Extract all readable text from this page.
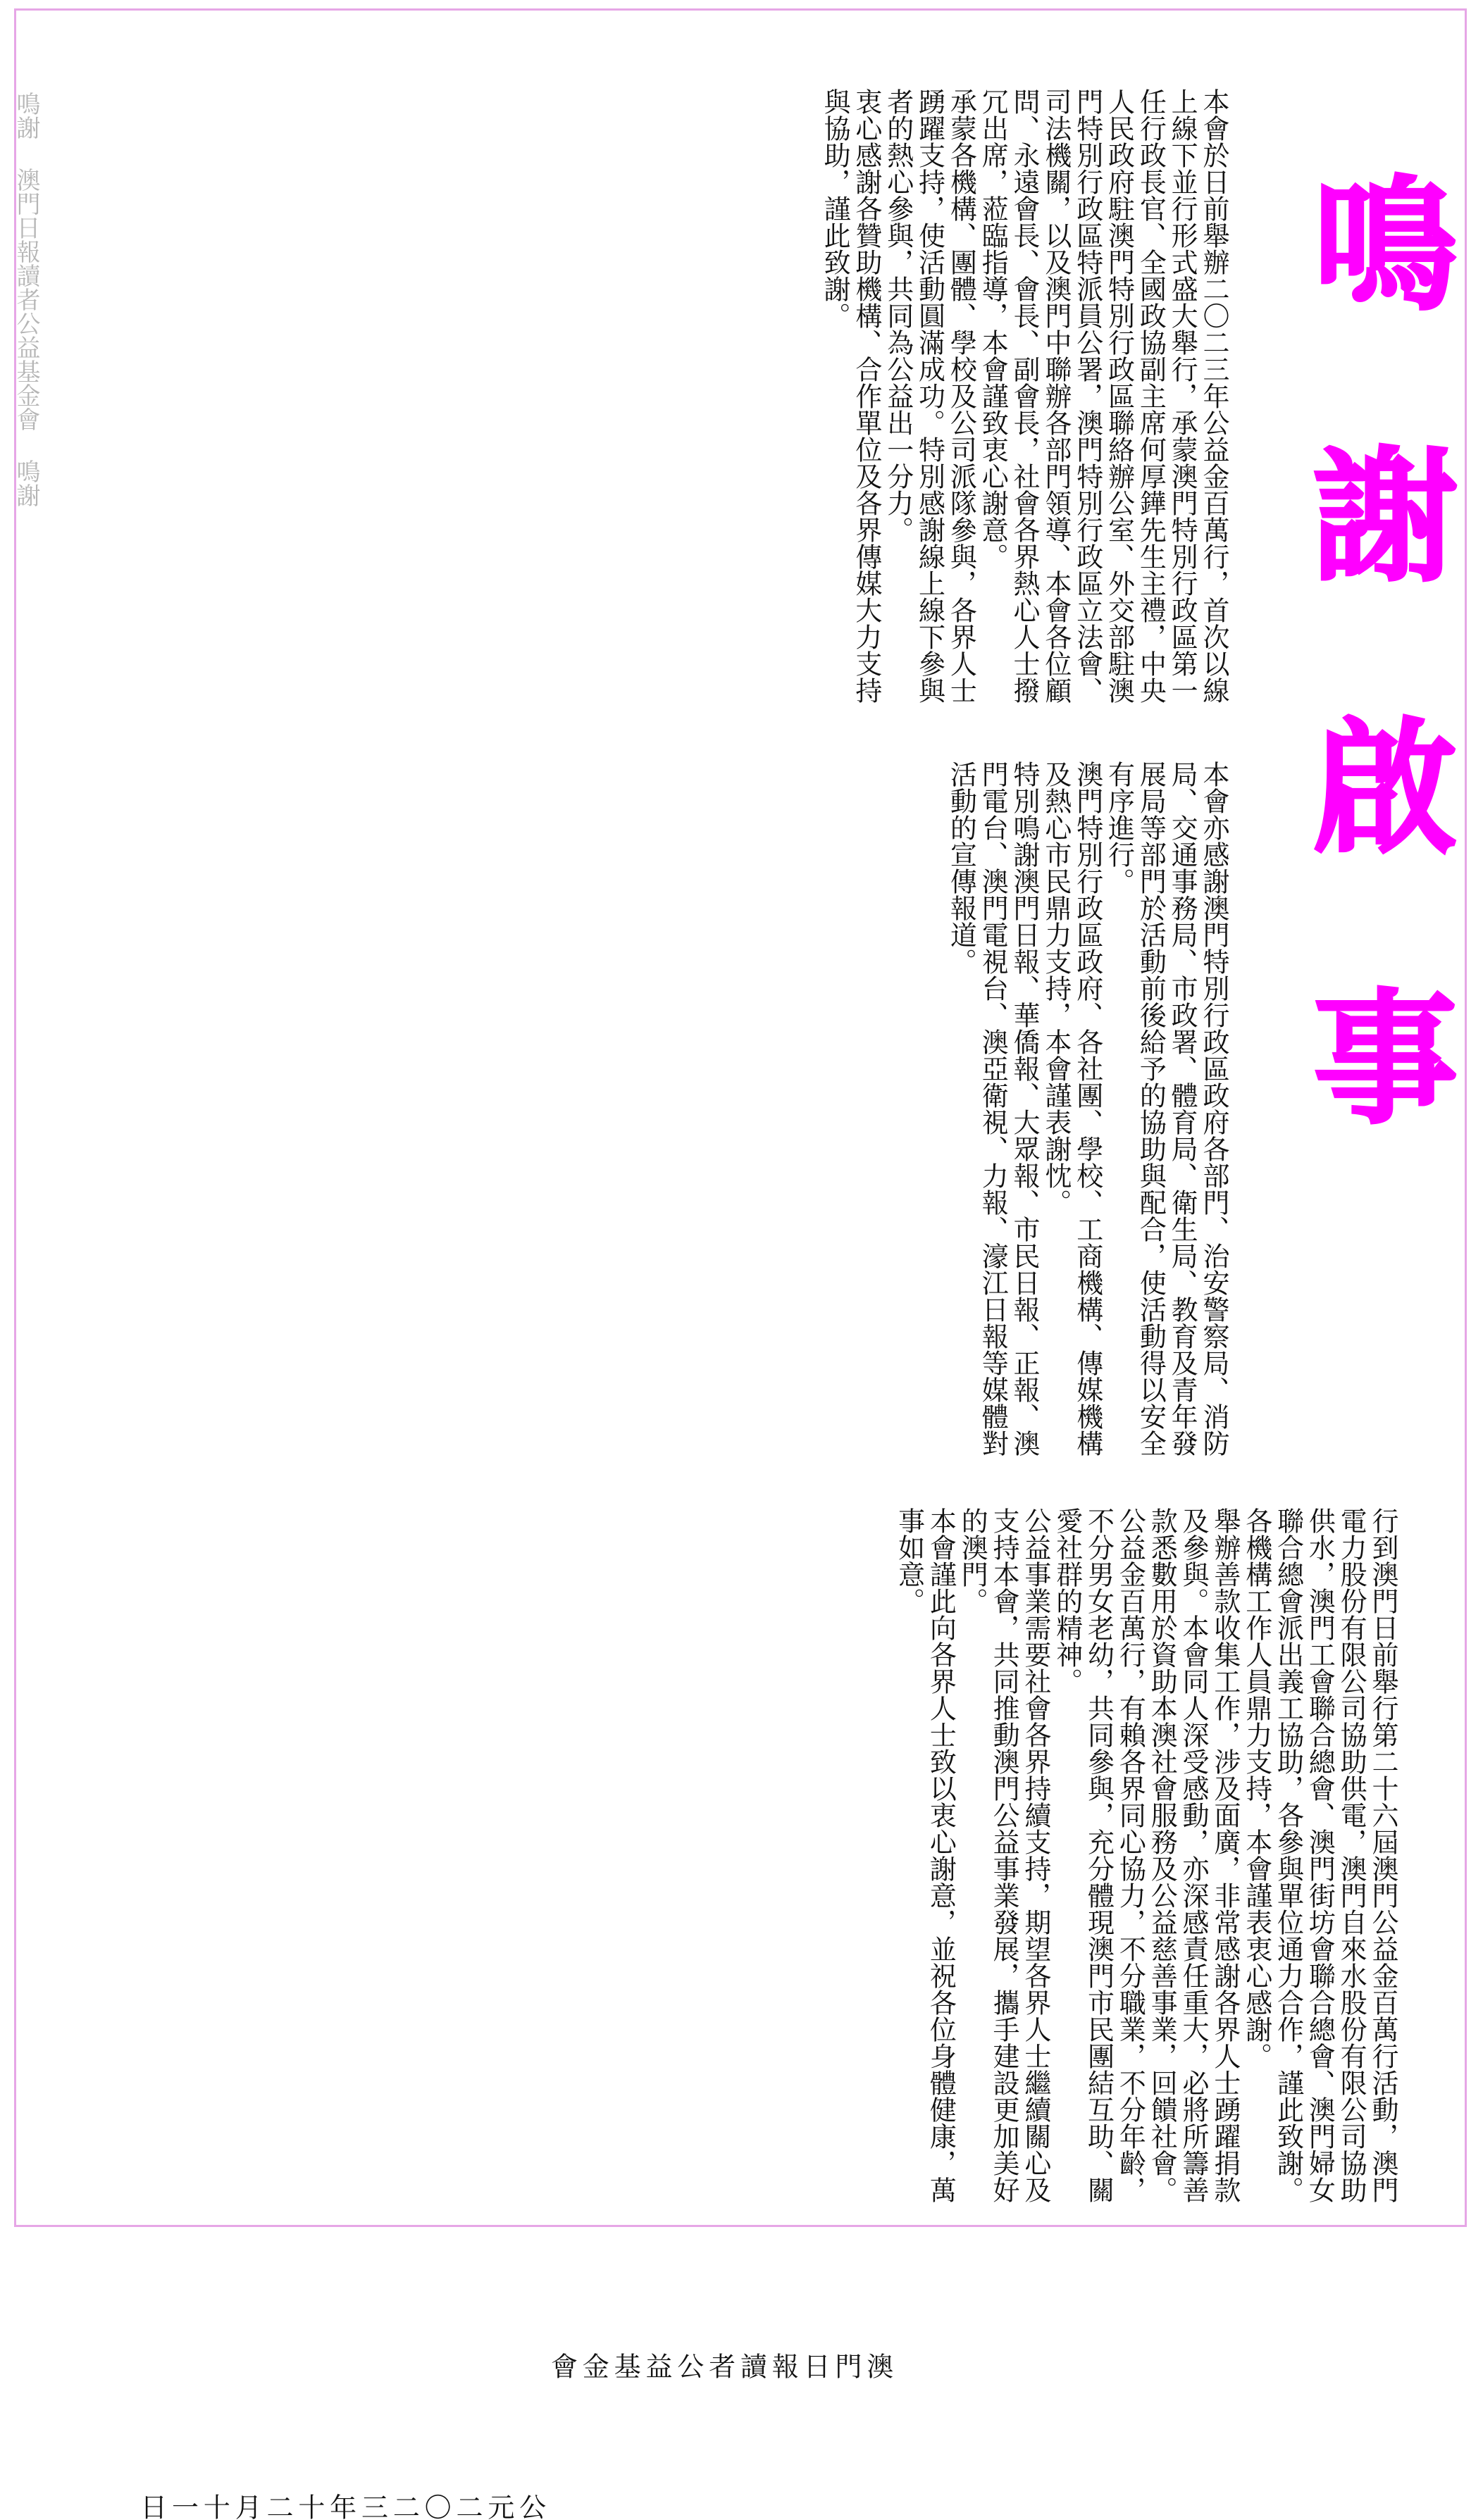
鳴謝 澳門日報讀者公益基金會 鳴謝	鳴謝啟事

本會於日前舉辦二〇二三年公益金百萬行，首次以線上線下並行形式盛大舉行，承蒙澳門特別行政區第一任行政長官、全國政協副主席何厚鏵先生主禮，中央人民政府駐澳門特別行政區聯絡辦公室、外交部駐澳門特別行政區特派員公署，澳門特別行政區立法會、司法機關，以及澳門中聯辦各部門領導、本會各位顧問、永遠會長、會長、副會長，社會各界熱心人士撥冗出席，蒞臨指導，本會謹致衷心謝意。

承蒙各機構、團體、學校及公司派隊參與，各界人士踴躍支持，使活動圓滿成功。特別感謝線上線下參與者的熱心參與，共同為公益出一分力。

衷心感謝各贊助機構、合作單位及各界傳媒大力支持與協助，謹此致謝。

本會亦感謝澳門特別行政區政府各部門、治安警察局、消防局、交通事務局、市政署、體育局、衛生局、教育及青年發展局等部門於活動前後給予的協助與配合，使活動得以安全有序進行。

澳門特別行政區政府、各社團、學校、工商機構、傳媒機構及熱心市民鼎力支持，本會謹表謝忱。

特別鳴謝澳門日報、華僑報、大眾報、市民日報、正報、澳門電台、澳門電視台、澳亞衛視、力報、濠江日報等媒體對活動的宣傳報道。

行到澳門日前舉行第二十六屆澳門公益金百萬行活動，澳門電力股份有限公司協助供電，澳門自來水股份有限公司協助供水，澳門工會聯合總會、澳門街坊會聯合總會、澳門婦女聯合總會派出義工協助，各參與單位通力合作，謹此致謝。

各機構工作人員鼎力支持，本會謹表衷心感謝。

舉辦善款收集工作，涉及面廣，非常感謝各界人士踴躍捐款及參與。本會同人深受感動，亦深感責任重大，必將所籌善款悉數用於資助本澳社會服務及公益慈善事業，回饋社會。

公益金百萬行，有賴各界同心協力，不分職業，不分年齡，不分男女老幼，共同參與，充分體現澳門市民團結互助、關愛社群的精神。

公益事業需要社會各界持續支持，期望各界人士繼續關心及支持本會，共同推動澳門公益事業發展，攜手建設更加美好的澳門。

本會謹此向各界人士致以衷心謝意，並祝各位身體健康，萬事如意。

澳門日報讀者公益基金會

公元二〇二三年十二月十一日
